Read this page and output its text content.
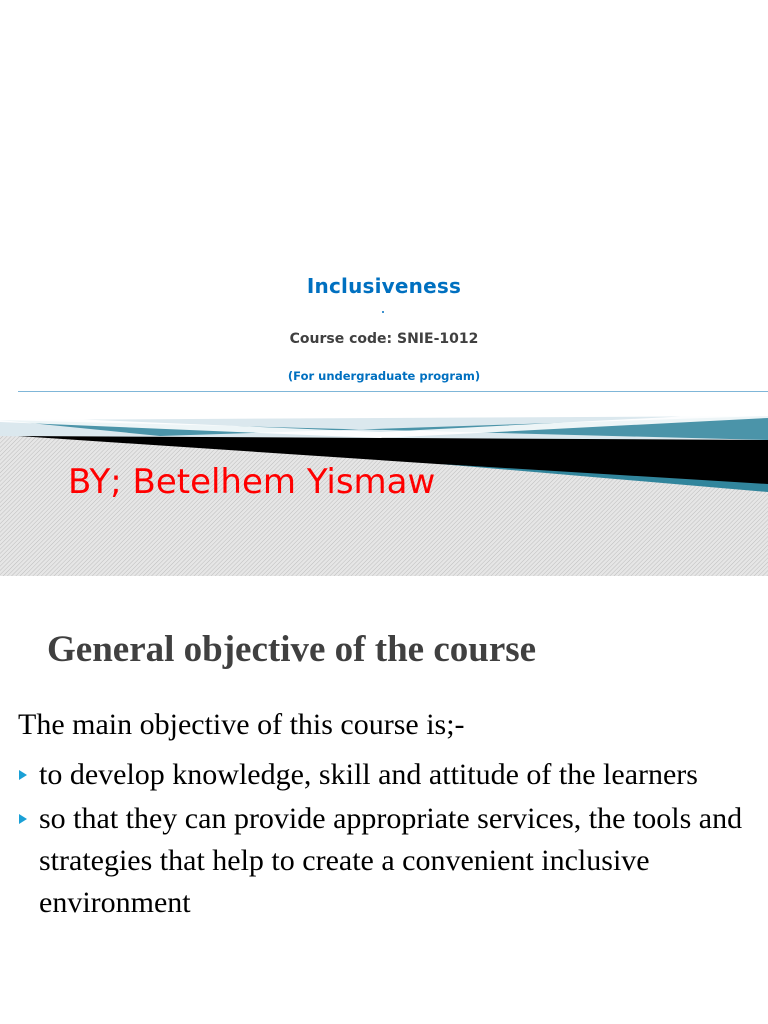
Inclusiveness
Course code: SNIE-1012
(For undergraduate program)
BY; Betelhem Yismaw
General objective of the course
The main objective of this course is;-
to develop knowledge, skill and attitude of the learners
so that they can provide appropriate services, the tools and strategies that help to create a convenient inclusive environment
